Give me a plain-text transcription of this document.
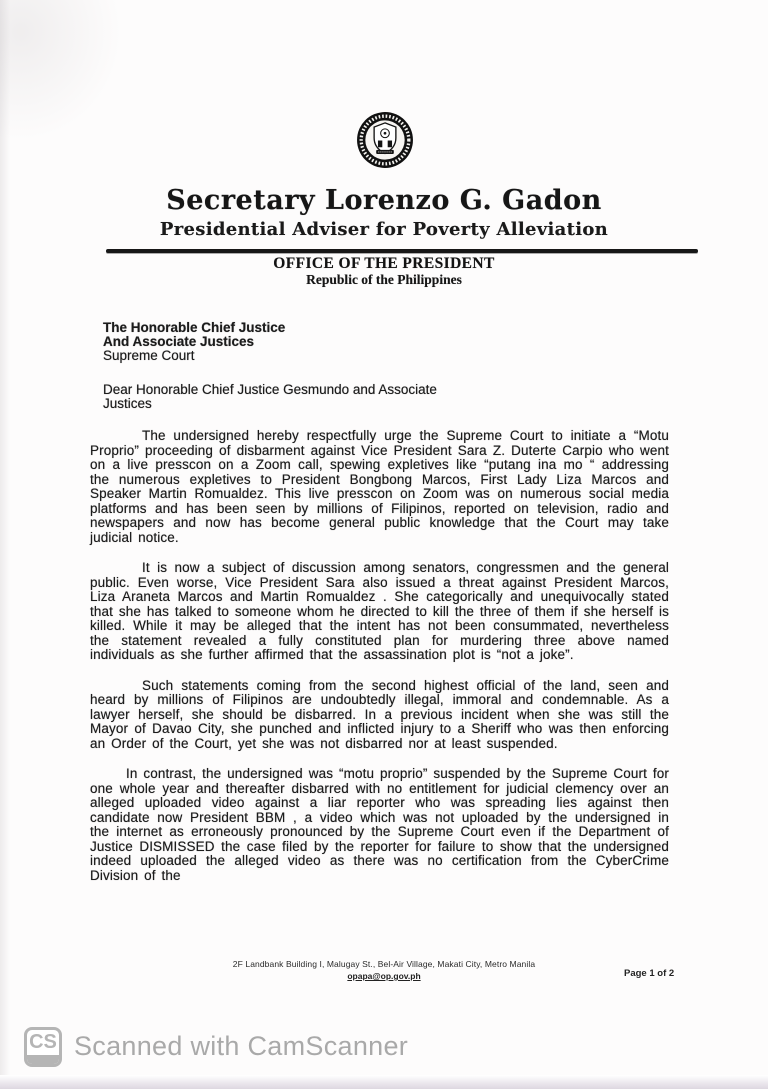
Secretary Lorenzo G. Gadon
Presidential Adviser for Poverty Alleviation
OFFICE OF THE PRESIDENT
Republic of the Philippines
The Honorable Chief Justice
And Associate Justices
Supreme Court
Dear Honorable Chief Justice Gesmundo and Associate Justices

The undersigned hereby respectfully urge the Supreme Court to initiate a “Motu Proprio” proceeding of disbarment against Vice President Sara Z. Duterte Carpio who went on a live presscon on a Zoom call, spewing expletives like “putang ina mo “ addressing the numerous expletives to President Bongbong Marcos, First Lady Liza Marcos and Speaker Martin Romualdez. This live presscon on Zoom was on numerous social media platforms and has been seen by millions of Filipinos, reported on television, radio and newspapers and now has become general public knowledge that the Court may take judicial notice.

It is now a subject of discussion among senators, congressmen and the general public. Even worse, Vice President Sara also issued a threat against President Marcos, Liza Araneta Marcos and Martin Romualdez . She categorically and unequivocally stated that she has talked to someone whom he directed to kill the three of them if she herself is killed. While it may be alleged that the intent has not been consummated, nevertheless the statement revealed a fully constituted plan for murdering three above named individuals as she further affirmed that the assassination plot is “not a joke”.

Such statements coming from the second highest official of the land, seen and heard by millions of Filipinos are undoubtedly illegal, immoral and condemnable. As a lawyer herself, she should be disbarred. In a previous incident when she was still the Mayor of Davao City, she punched and inflicted injury to a Sheriff who was then enforcing an Order of the Court, yet she was not disbarred nor at least suspended.

In contrast, the undersigned was “motu proprio” suspended by the Supreme Court for one whole year and thereafter disbarred with no entitlement for judicial clemency over an alleged uploaded video against a liar reporter who was spreading lies against then candidate now President BBM , a video which was not uploaded by the undersigned in the internet as erroneously pronounced by the Supreme Court even if the Department of Justice DISMISSED the case filed by the reporter for failure to show that the undersigned indeed uploaded the alleged video as there was no certification from the CyberCrime Division of the

2F Landbank Building I, Malugay St., Bel-Air Village, Makati City, Metro Manila
opapa@op.gov.ph	Page 1 of 2
CS Scanned with CamScanner
